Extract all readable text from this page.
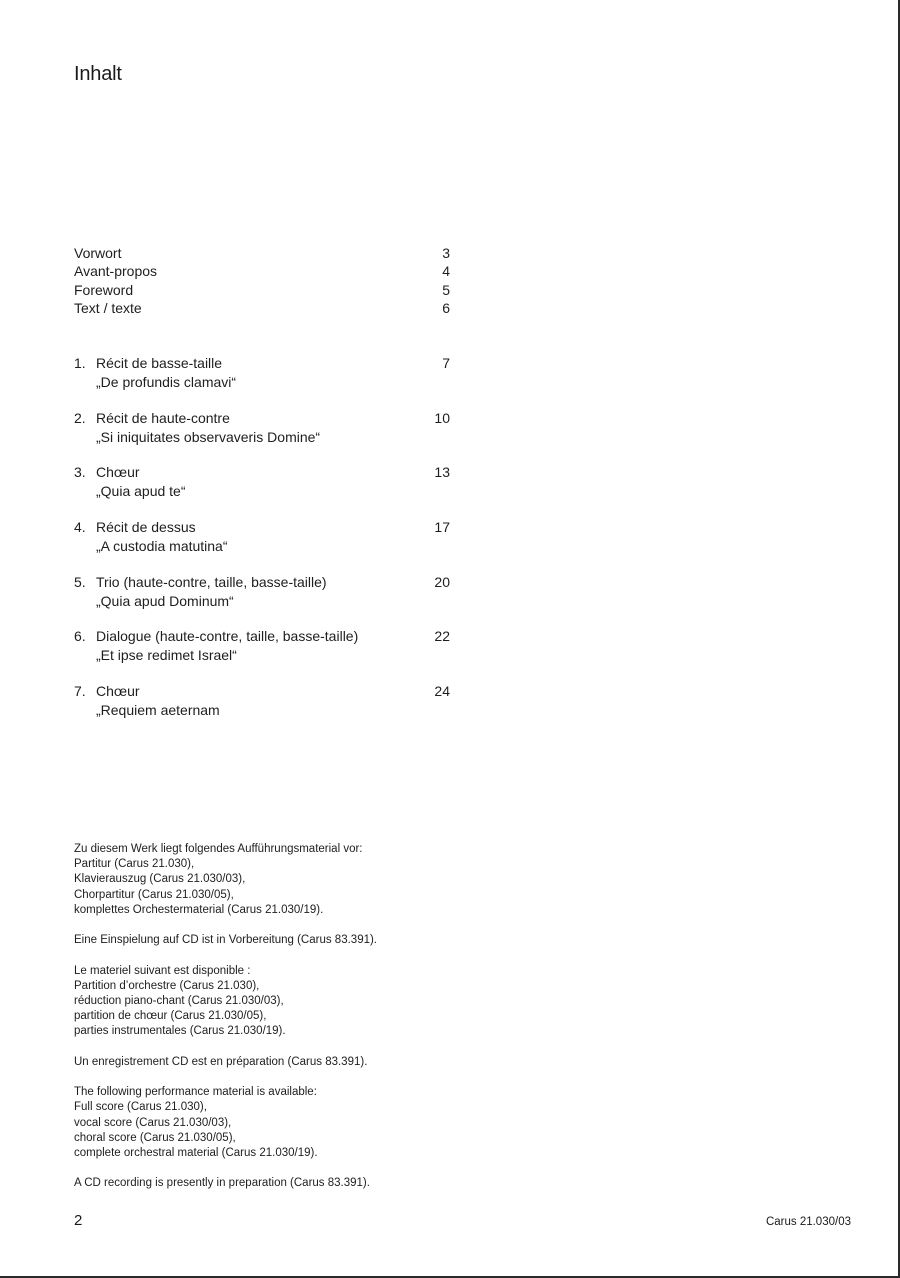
Inhalt
Vorwort	3
Avant-propos	4
Foreword	5
Text / texte	6
1. Récit de basse-taille	7
„De profundis clamavi“
2. Récit de haute-contre	10
„Si iniquitates observaveris Domine“
3. Chœur	13
„Quia apud te“
4. Récit de dessus	17
„A custodia matutina“
5. Trio (haute-contre, taille, basse-taille)	20
„Quia apud Dominum“
6. Dialogue (haute-contre, taille, basse-taille)	22
„Et ipse redimet Israel“
7. Chœur	24
„Requiem aeternam
Zu diesem Werk liegt folgendes Aufführungsmaterial vor:
Partitur (Carus 21.030),
Klavierauszug (Carus 21.030/03),
Chorpartitur (Carus 21.030/05),
komplettes Orchestermaterial (Carus 21.030/19).
Eine Einspielung auf CD ist in Vorbereitung (Carus 83.391).
Le materiel suivant est disponible :
Partition d’orchestre (Carus 21.030),
réduction piano-chant (Carus 21.030/03),
partition de chœur (Carus 21.030/05),
parties instrumentales (Carus 21.030/19).
Un enregistrement CD est en préparation (Carus 83.391).
The following performance material is available:
Full score (Carus 21.030),
vocal score (Carus 21.030/03),
choral score (Carus 21.030/05),
complete orchestral material (Carus 21.030/19).
A CD recording is presently in preparation (Carus 83.391).
2	Carus 21.030/03
